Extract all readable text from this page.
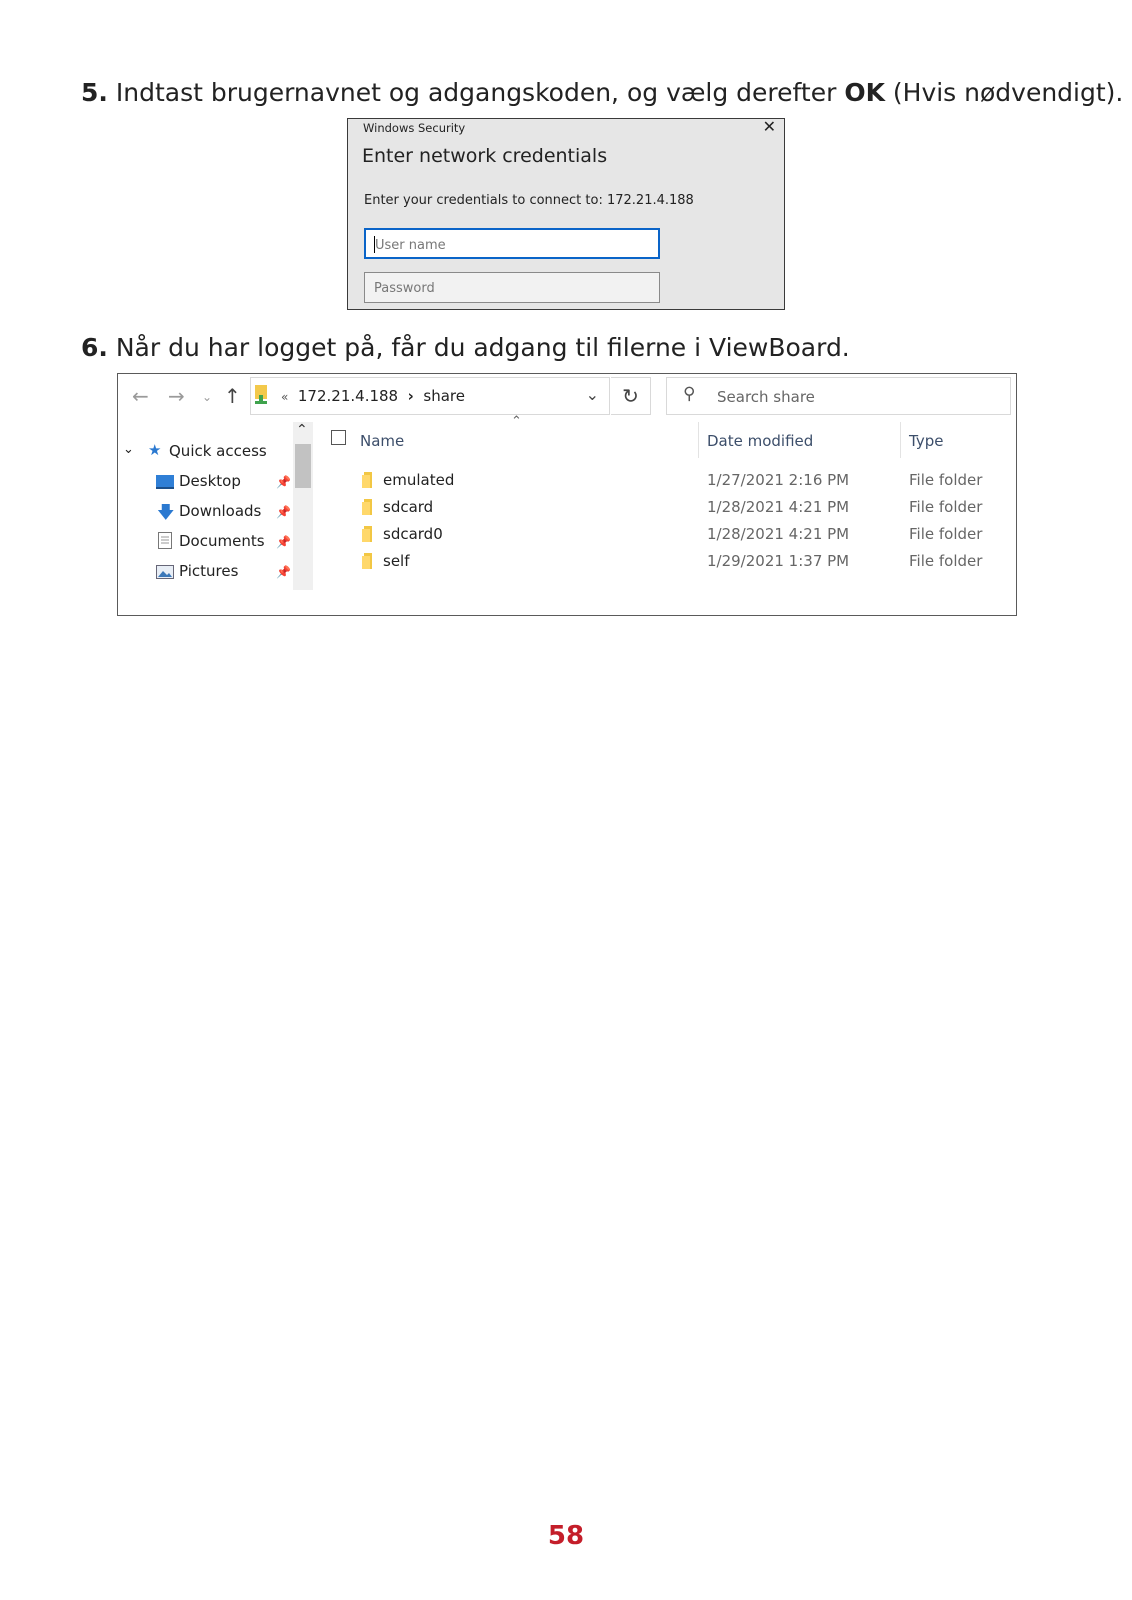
5. Indtast brugernavnet og adgangskoden, og vælg derefter OK (Hvis nødvendigt).
Windows Security	✕
Enter network credentials
Enter your credentials to connect to: 172.21.4.188
User name
Password
6. Når du har logget på, får du adgang til filerne i ViewBoard.
← → ⌄ ↑	« 172.21.4.188 › share	⌄	↻	⚲ Search share
⌄ ★ Quick access
Desktop	📌
🡇 Downloads 📌
Documents 📌
Pictures	📌
⌃
⌃
Name	Date modified	Type
emulated	1/27/2021 2:16 PM	File folder
sdcard	1/28/2021 4:21 PM	File folder
sdcard0	1/28/2021 4:21 PM	File folder
self	1/29/2021 1:37 PM	File folder
58
